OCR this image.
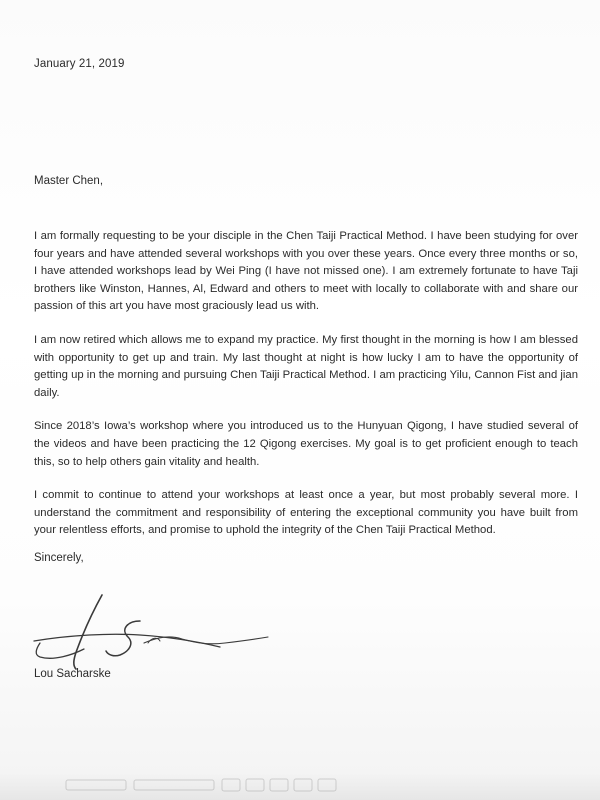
January 21, 2019
Master Chen,

I am formally requesting to be your disciple in the Chen Taiji Practical Method. I have been studying for over four years and have attended several workshops with you over these years. Once every three months or so, I have attended workshops lead by Wei Ping (I have not missed one). I am extremely fortunate to have Taji brothers like Winston, Hannes, Al, Edward and others to meet with locally to collaborate with and share our passion of this art you have most graciously lead us with.

I am now retired which allows me to expand my practice. My first thought in the morning is how I am blessed with opportunity to get up and train. My last thought at night is how lucky I am to have the opportunity of getting up in the morning and pursuing Chen Taiji Practical Method. I am practicing Yilu, Cannon Fist and jian daily.

Since 2018’s Iowa’s workshop where you introduced us to the Hunyuan Qigong, I have studied several of the videos and have been practicing the 12 Qigong exercises. My goal is to get proficient enough to teach this, so to help others gain vitality and health.

I commit to continue to attend your workshops at least once a year, but most probably several more. I understand the commitment and responsibility of entering the exceptional community you have built from your relentless efforts, and promise to uphold the integrity of the Chen Taiji Practical Method.

Sincerely,
Lou Sacharske
